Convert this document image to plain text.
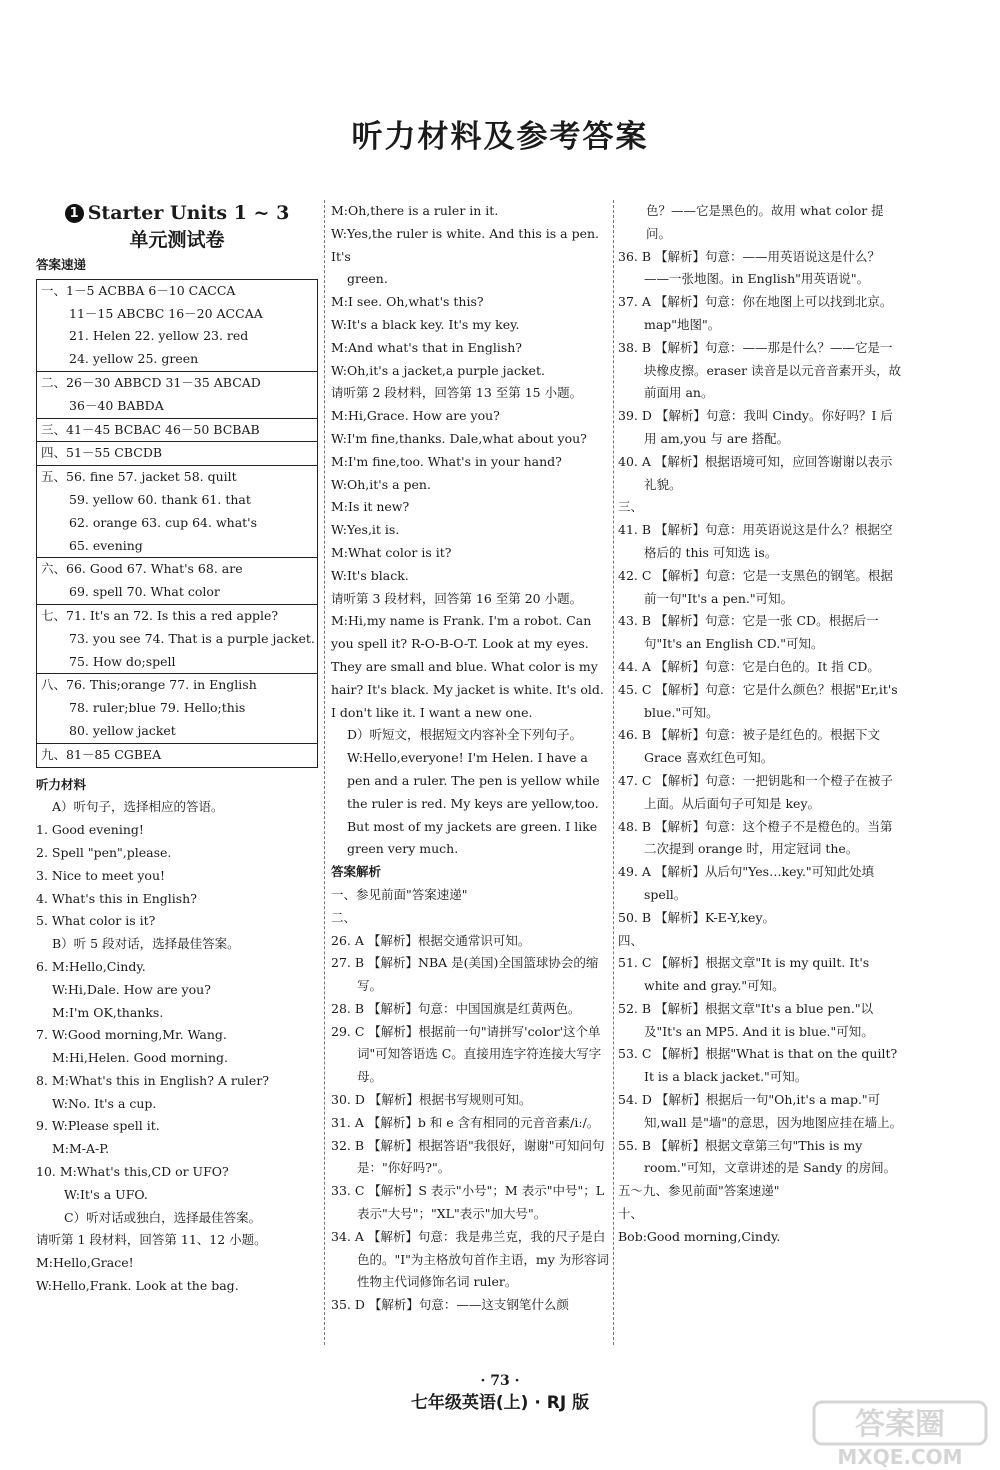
听力材料及参考答案
1 Starter Units 1 ~ 3
单元测试卷
答案速递
一、1－5 ACBBA 6－10 CACCA
11－15 ABCBC 16－20 ACCAA
21. Helen 22. yellow 23. red
24. yellow 25. green
二、26－30 ABBCD 31－35 ABCAD
36－40 BABDA
三、41－45 BCBAC 46－50 BCBAB
四、51－55 CBCDB
五、56. fine 57. jacket 58. quilt
59. yellow 60. thank 61. that
62. orange 63. cup 64. what's
65. evening
六、66. Good 67. What's 68. are
69. spell 70. What color
七、71. It's an 72. Is this a red apple?
73. you see 74. That is a purple jacket.
75. How do;spell
八、76. This;orange 77. in English
78. ruler;blue 79. Hello;this
80. yellow jacket
九、81－85 CGBEA
听力材料
A）听句子，选择相应的答语。
1. Good evening!
2. Spell "pen",please.
3. Nice to meet you!
4. What's this in English?
5. What color is it?
B）听 5 段对话，选择最佳答案。
6. M:Hello,Cindy.
W:Hi,Dale. How are you?
M:I'm OK,thanks.
7. W:Good morning,Mr. Wang.
M:Hi,Helen. Good morning.
8. M:What's this in English? A ruler?
W:No. It's a cup.
9. W:Please spell it.
M:M-A-P.
10. M:What's this,CD or UFO?
W:It's a UFO.
C）听对话或独白，选择最佳答案。
请听第 1 段材料，回答第 11、12 小题。
M:Hello,Grace!
W:Hello,Frank. Look at the bag.
M:Oh,there is a ruler in it.
W:Yes,the ruler is white. And this is a pen. It's
green.
M:I see. Oh,what's this?
W:It's a black key. It's my key.
M:And what's that in English?
W:Oh,it's a jacket,a purple jacket.
请听第 2 段材料，回答第 13 至第 15 小题。
M:Hi,Grace. How are you?
W:I'm fine,thanks. Dale,what about you?
M:I'm fine,too. What's in your hand?
W:Oh,it's a pen.
M:Is it new?
W:Yes,it is.
M:What color is it?
W:It's black.
请听第 3 段材料，回答第 16 至第 20 小题。
M:Hi,my name is Frank. I'm a robot. Can you spell it? R-O-B-O-T. Look at my eyes. They are small and blue. What color is my hair? It's black. My jacket is white. It's old. I don't like it. I want a new one.
D）听短文，根据短文内容补全下列句子。
W:Hello,everyone! I'm Helen. I have a pen and a ruler. The pen is yellow while the ruler is red. My keys are yellow,too. But most of my jackets are green. I like green very much.
答案解析
一、参见前面"答案速递"
二、
26. A 【解析】根据交通常识可知。
27. B 【解析】NBA 是(美国)全国篮球协会的缩写。
28. B 【解析】句意：中国国旗是红黄两色。
29. C 【解析】根据前一句"请拼写'color'这个单词"可知答语选 C。直接用连字符连接大写字母。
30. D 【解析】根据书写规则可知。
31. A 【解析】b 和 e 含有相同的元音音素/iː/。
32. B 【解析】根据答语"我很好，谢谢"可知问句是："你好吗?"。
33. C 【解析】S 表示"小号"；M 表示"中号"；L 表示"大号"；"XL"表示"加大号"。
34. A 【解析】句意：我是弗兰克，我的尺子是白色的。"I"为主格放句首作主语，my 为形容词性物主代词修饰名词 ruler。
35. D 【解析】句意：——这支钢笔什么颜
色？——它是黑色的。故用 what color 提问。
36. B 【解析】句意：——用英语说这是什么？——一张地图。in English"用英语说"。
37. A 【解析】句意：你在地图上可以找到北京。map"地图"。
38. B 【解析】句意：——那是什么？——它是一块橡皮擦。eraser 读音是以元音音素开头，故前面用 an。
39. D 【解析】句意：我叫 Cindy。你好吗？I 后用 am,you 与 are 搭配。
40. A 【解析】根据语境可知，应回答谢谢以表示礼貌。
三、
41. B 【解析】句意：用英语说这是什么？根据空格后的 this 可知选 is。
42. C 【解析】句意：它是一支黑色的钢笔。根据前一句"It's a pen."可知。
43. B 【解析】句意：它是一张 CD。根据后一句"It's an English CD."可知。
44. A 【解析】句意：它是白色的。It 指 CD。
45. C 【解析】句意：它是什么颜色？根据"Er,it's blue."可知。
46. B 【解析】句意：被子是红色的。根据下文 Grace 喜欢红色可知。
47. C 【解析】句意：一把钥匙和一个橙子在被子上面。从后面句子可知是 key。
48. B 【解析】句意：这个橙子不是橙色的。当第二次提到 orange 时，用定冠词 the。
49. A 【解析】从后句"Yes…key."可知此处填 spell。
50. B 【解析】K-E-Y,key。
四、
51. C 【解析】根据文章"It is my quilt. It's white and gray."可知。
52. B 【解析】根据文章"It's a blue pen."以及"It's an MP5. And it is blue."可知。
53. C 【解析】根据"What is that on the quilt? It is a black jacket."可知。
54. D 【解析】根据后一句"Oh,it's a map."可知,wall 是"墙"的意思，因为地图应挂在墙上。
55. B 【解析】根据文章第三句"This is my room."可知，文章讲述的是 Sandy 的房间。
五～九、参见前面"答案速递"
十、
Bob:Good morning,Cindy.
· 73 ·
七年级英语(上) · RJ 版
答案圈
MXQE.COM
